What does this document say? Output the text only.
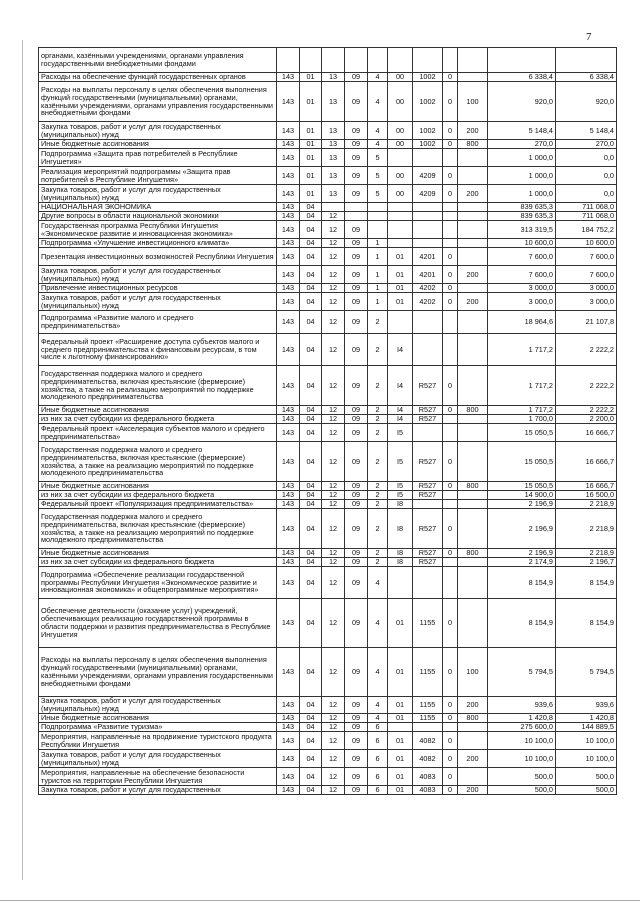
7
органами, казёнными учреждениями, органами управления государственными внебюджетными фондами											
Расходы на обеспечение функций государственных органов	143	01	13	09	4	00	1002	0		6 338,4	6 338,4
Расходы на выплаты персоналу в целях обеспечения выполнения функций государственными (муниципальными) органами, казёнными учреждениями, органами управления государственными внебюджетными фондами	143	01	13	09	4	00	1002	0	100	920,0	920,0
Закупка товаров, работ и услуг для государственных (муниципальных) нужд	143	01	13	09	4	00	1002	0	200	5 148,4	5 148,4
Иные бюджетные ассигнования	143	01	13	09	4	00	1002	0	800	270,0	270,0
Подпрограмма «Защита прав потребителей в Республике Ингушетия»	143	01	13	09	5					1 000,0	0,0
Реализация мероприятий подпрограммы «Защита прав потребителей в Республике Ингушетия»	143	01	13	09	5	00	4209	0		1 000,0	0,0
Закупка товаров, работ и услуг для государственных (муниципальных) нужд	143	01	13	09	5	00	4209	0	200	1 000,0	0,0
НАЦИОНАЛЬНАЯ ЭКОНОМИКА	143	04								839 635,3	711 068,0
Другие вопросы в области национальной экономики	143	04	12							839 635,3	711 068,0
Государственная программа Республики Ингушетия «Экономическое развитие и инновационная экономика»	143	04	12	09						313 319,5	184 752,2
Подпрограмма «Улучшение инвестиционного климата»	143	04	12	09	1					10 600,0	10 600,0
Презентация инвестиционных возможностей Республики Ингушетия	143	04	12	09	1	01	4201	0		7 600,0	7 600,0
Закупка товаров, работ и услуг для государственных (муниципальных) нужд	143	04	12	09	1	01	4201	0	200	7 600,0	7 600,0
Привлечение инвестиционных ресурсов	143	04	12	09	1	01	4202	0		3 000,0	3 000,0
Закупка товаров, работ и услуг для государственных (муниципальных) нужд	143	04	12	09	1	01	4202	0	200	3 000,0	3 000,0
Подпрограмма «Развитие малого и среднего предпринимательства»	143	04	12	09	2					18 964,6	21 107,8
Федеральный проект «Расширение доступа субъектов малого и среднего предпринимательства к финансовым ресурсам, в том числе к льготному финансированию»	143	04	12	09	2	I4				1 717,2	2 222,2
Государственная поддержка малого и среднего предпринимательства, включая крестьянские (фермерские) хозяйства, а также на реализацию мероприятий по поддержке молодежного предпринимательства	143	04	12	09	2	I4	R527	0		1 717,2	2 222,2
Иные бюджетные ассигнования	143	04	12	09	2	I4	R527	0	800	1 717,2	2 222,2
из них за счет субсидии из федерального бюджета	143	04	12	09	2	I4	R527			1 700,0	2 200,0
Федеральный проект «Акселерация субъектов малого и среднего предпринимательства»	143	04	12	09	2	I5				15 050,5	16 666,7
Государственная поддержка малого и среднего предпринимательства, включая крестьянские (фермерские) хозяйства, а также на реализацию мероприятий по поддержке молодежного предпринимательства	143	04	12	09	2	I5	R527	0		15 050,5	16 666,7
Иные бюджетные ассигнования	143	04	12	09	2	I5	R527	0	800	15 050,5	16 666,7
из них за счет субсидии из федерального бюджета	143	04	12	09	2	I5	R527			14 900,0	16 500,0
Федеральный проект «Популяризация предпринимательства»	143	04	12	09	2	I8				2 196,9	2 218,9
Государственная поддержка малого и среднего предпринимательства, включая крестьянские (фермерские) хозяйства, а также на реализацию мероприятий по поддержке молодежного предпринимательства	143	04	12	09	2	I8	R527	0		2 196,9	2 218,9
Иные бюджетные ассигнования	143	04	12	09	2	I8	R527	0	800	2 196,9	2 218,9
из них за счет субсидии из федерального бюджета	143	04	12	09	2	I8	R527			2 174,9	2 196,7
Подпрограмма «Обеспечение реализации государственной программы Республики Ингушетия «Экономическое развитие и инновационная экономика» и общепрограммные мероприятия»	143	04	12	09	4					8 154,9	8 154,9
Обеспечение деятельности (оказание услуг) учреждений, обеспечивающих реализацию государственной программы в области поддержки и развития предпринимательства в Республике Ингушетия	143	04	12	09	4	01	1155	0		8 154,9	8 154,9
Расходы на выплаты персоналу в целях обеспечения выполнения функций государственными (муниципальными) органами, казёнными учреждениями, органами управления государственными внебюджетными фондами	143	04	12	09	4	01	1155	0	100	5 794,5	5 794,5
Закупка товаров, работ и услуг для государственных (муниципальных) нужд	143	04	12	09	4	01	1155	0	200	939,6	939,6
Иные бюджетные ассигнования	143	04	12	09	4	01	1155	0	800	1 420,8	1 420,8
Подпрограмма «Развитие туризма»	143	04	12	09	6					275 600,0	144 889,5
Мероприятия, направленные на продвижение туристского продукта Республики Ингушетия	143	04	12	09	6	01	4082	0		10 100,0	10 100,0
Закупка товаров, работ и услуг для государственных (муниципальных) нужд	143	04	12	09	6	01	4082	0	200	10 100,0	10 100,0
Мероприятия, направленные на обеспечение безопасности туристов на территории Республики Ингушетия	143	04	12	09	6	01	4083	0		500,0	500,0
Закупка товаров, работ и услуг для государственных	143	04	12	09	6	01	4083	0	200	500,0	500,0
